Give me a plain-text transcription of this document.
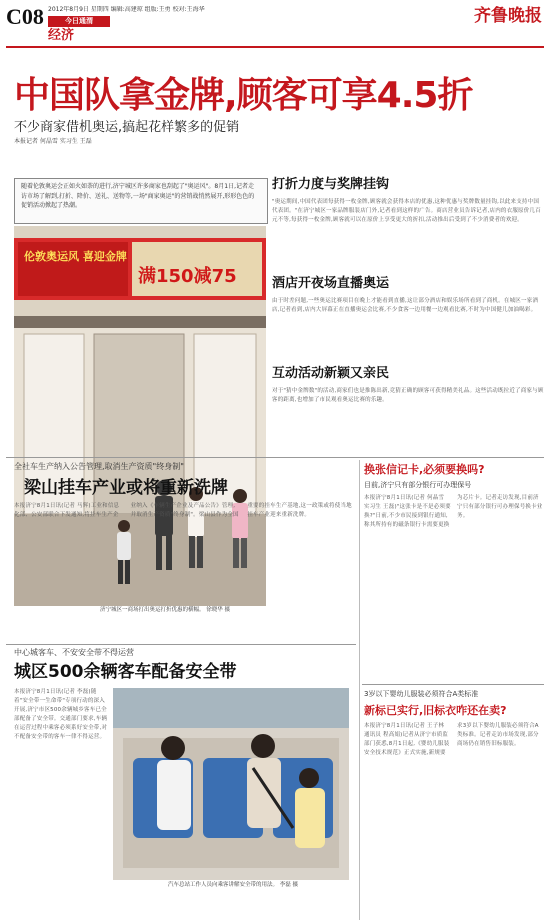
C08 2012年8月9日 星期四 编辑:高建琼 组版:王勇 校对:王海华
今日通渭
经济
齐鲁晚报
中国队拿金牌,顾客可享4.5折
不少商家借机奥运,搞起花样繁多的促销
本报记者 何晶雪 实习生 王磊
随着伦敦奥运会正如火如荼的进行,济宁城区许多商家也刮起了"奥运风"。8月1日,记者走访市场了解到,打折、降价、送礼、送物等,一场"商家奥运"的营销战悄然展开,形形色色的促销活动掀起了热潮。
伦敦奥运风 喜迎金牌
满150减75
济宁城区一商场打出奥运打折优惠的横幅。 徐晓华 摄
打折力度与奖牌挂钩
"奥运期间,中国代表团每获得一枚金牌,顾客就会获得本店的优惠,这种优惠与奖牌数量挂钩,以此来支持中国代表团。"在济宁城区一家品牌服装店门外,记者看到这样的广告。商店营业员告诉记者,店内的衣服原价几百元不等,每获得一枚金牌,顾客就可以在原价上享受更大的折扣,活动推出后受到了不少消费者的欢迎。
酒店开夜场直播奥运
由于时差问题,一些奥运比赛项目在晚上才能看到直播,这让部分酒店和娱乐场所看到了商机。在城区一家酒店,记者看到,店内大屏幕正在直播奥运会比赛,不少食客一边用餐一边观看比赛,不时为中国健儿加油喝彩。
互动活动新颖又亲民
对于"猜中金牌数"的活动,商家们也是推陈出新,竞猜正确的顾客可获得精美礼品。这些活动既拉近了商家与顾客的距离,也增加了市民观看奥运比赛的乐趣。
全社车生产纳入公告管理,取消生产资质"终身制"
梁山挂车产业或将重新洗牌
本报济宁8月1日讯(记者 马辉)工业和信息化部、公安部联合下发通知,将挂车生产企业纳入《车辆生产企业及产品公告》管理,并取消生产资质"终身制"。梁山县作为全国重要的挂车生产基地,这一政策或将使当地挂车产业迎来重新洗牌。
中心城客车、不安安全带不得运营
城区500余辆客车配备安全带
本报济宁8月1日讯(记者 李磊)随着"安全带一生命带"专项行动的深入开展,济宁市区500余辆城乡客车已全部配备了安全带。交通部门要求,车辆在运营过程中乘客必须系好安全带,对不配备安全带的客车一律不得运营。
汽车总站工作人员向乘客讲解安全带的用法。 李磊 摄
换张信记卡,必须要换吗?
目前,济宁只有部分银行可办理保号
本报济宁8月1日讯(记者 何晶雪 实习生 王磊)"这张卡是不是必须要换?"日前,不少市民接到银行通知,称其所持有的磁条银行卡需要更换为芯片卡。记者走访发现,目前济宁只有部分银行可办理保号换卡业务。
3岁以下婴幼儿服装必须符合A类标准
新标已实行,旧标衣咋还在卖?
本报济宁8月1日讯(记者 王子林 通讯员 程高娟)记者从济宁市质监部门获悉,8月1日起,《婴幼儿服装安全技术规范》正式实施,新规要求3岁以下婴幼儿服装必须符合A类标准。记者走访市场发现,部分商场仍在销售旧标服装。
